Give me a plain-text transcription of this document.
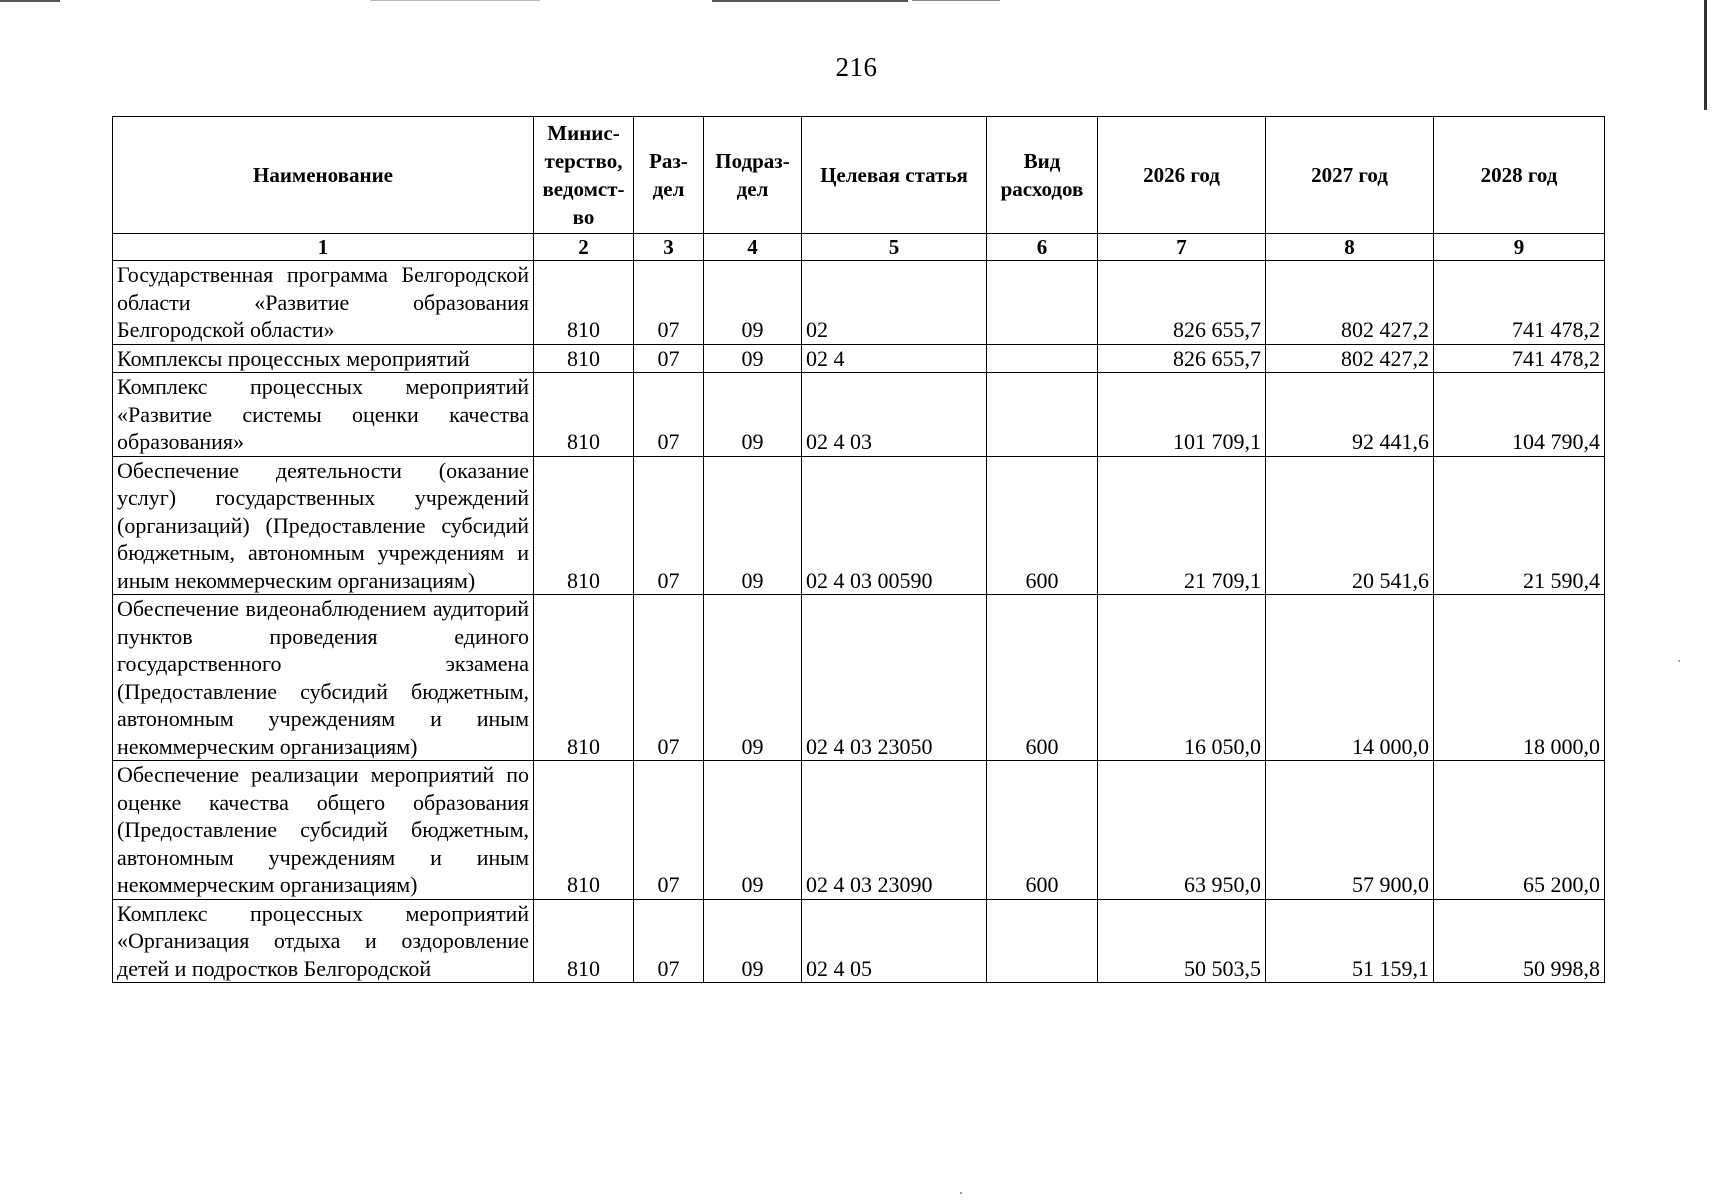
216
Наименование	Минис-терство, ведомст-во	Раз-дел	Подраз-дел	Целевая статья	Вид расходов	2026 год	2027 год	2028 год
1	2	3	4	5	6	7	8	9
Государственная программа Белгородской области «Развитие образования Белгородской области»	810	07	09	02		826 655,7	802 427,2	741 478,2
Комплексы процессных мероприятий	810	07	09	02 4		826 655,7	802 427,2	741 478,2
Комплекс процессных мероприятий «Развитие системы оценки качества образования»	810	07	09	02 4 03		101 709,1	92 441,6	104 790,4
Обеспечение деятельности (оказание услуг) государственных учреждений (организаций) (Предоставление субсидий бюджетным, автономным учреждениям и иным некоммерческим организациям)	810	07	09	02 4 03 00590	600	21 709,1	20 541,6	21 590,4
Обеспечение видеонаблюдением аудиторий пунктов проведения единого государственного экзамена (Предоставление субсидий бюджетным, автономным учреждениям и иным некоммерческим организациям)	810	07	09	02 4 03 23050	600	16 050,0	14 000,0	18 000,0
Обеспечение реализации мероприятий по оценке качества общего образования (Предоставление субсидий бюджетным, автономным учреждениям и иным некоммерческим организациям)	810	07	09	02 4 03 23090	600	63 950,0	57 900,0	65 200,0
Комплекс процессных мероприятий «Организация отдыха и оздоровление детей и подростков Белгородской	810	07	09	02 4 05		50 503,5	51 159,1	50 998,8
